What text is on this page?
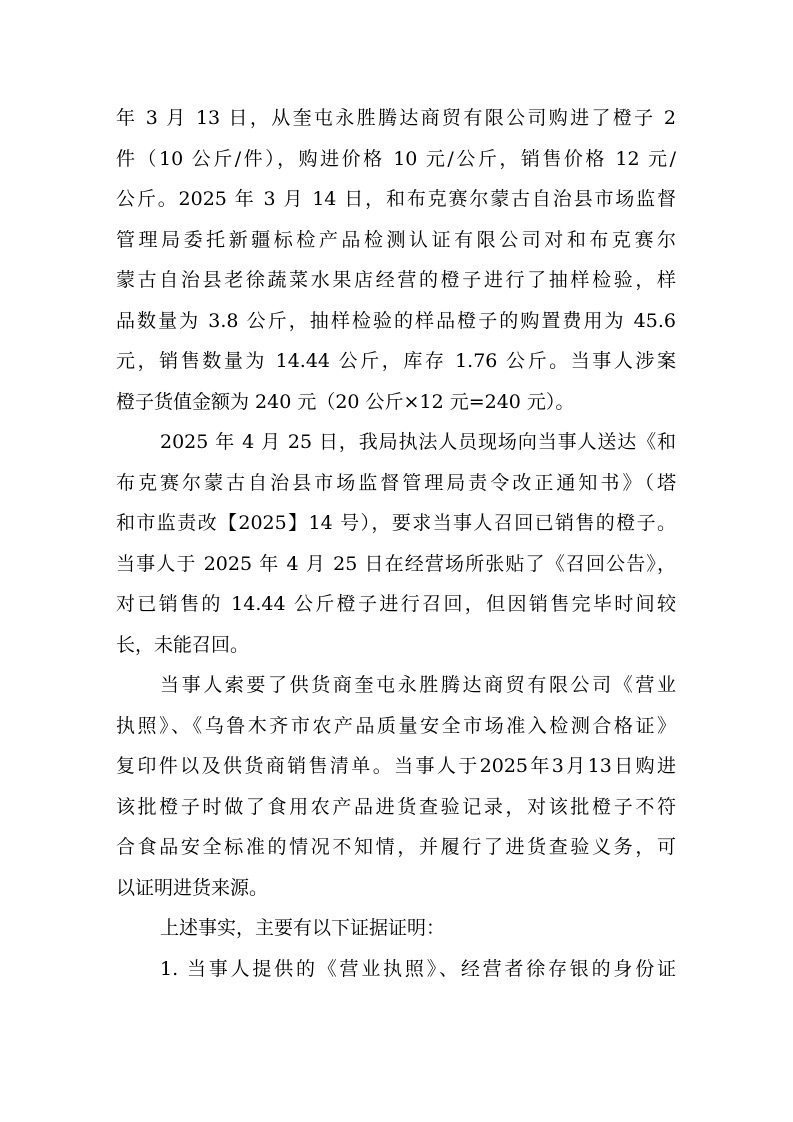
年 3 月 13 日，从奎屯永胜腾达商贸有限公司购进了橙子 2
件（10 公斤/件），购进价格 10 元/公斤，销售价格 12 元/
公斤。2025 年 3 月 14 日，和布克赛尔蒙古自治县市场监督
管理局委托新疆标检产品检测认证有限公司对和布克赛尔
蒙古自治县老徐蔬菜水果店经营的橙子进行了抽样检验，样
品数量为 3.8 公斤，抽样检验的样品橙子的购置费用为 45.6
元，销售数量为 14.44 公斤，库存 1.76 公斤。当事人涉案
橙子货值金额为 240 元（20 公斤×12 元=240 元）。
2025 年 4 月 25 日，我局执法人员现场向当事人送达《和
布克赛尔蒙古自治县市场监督管理局责令改正通知书》（塔
和市监责改【2025】14 号），要求当事人召回已销售的橙子。
当事人于 2025 年 4 月 25 日在经营场所张贴了《召回公告》，
对已销售的 14.44 公斤橙子进行召回，但因销售完毕时间较
长，未能召回。
当事人索要了供货商奎屯永胜腾达商贸有限公司《营业
执照》、《乌鲁木齐市农产品质量安全市场准入检测合格证》
复印件以及供货商销售清单。当事人于2025年3月13日购进
该批橙子时做了食用农产品进货查验记录，对该批橙子不符
合食品安全标准的情况不知情，并履行了进货查验义务，可
以证明进货来源。
上述事实，主要有以下证据证明：
1. 当事人提供的《营业执照》、经营者徐存银的身份证
